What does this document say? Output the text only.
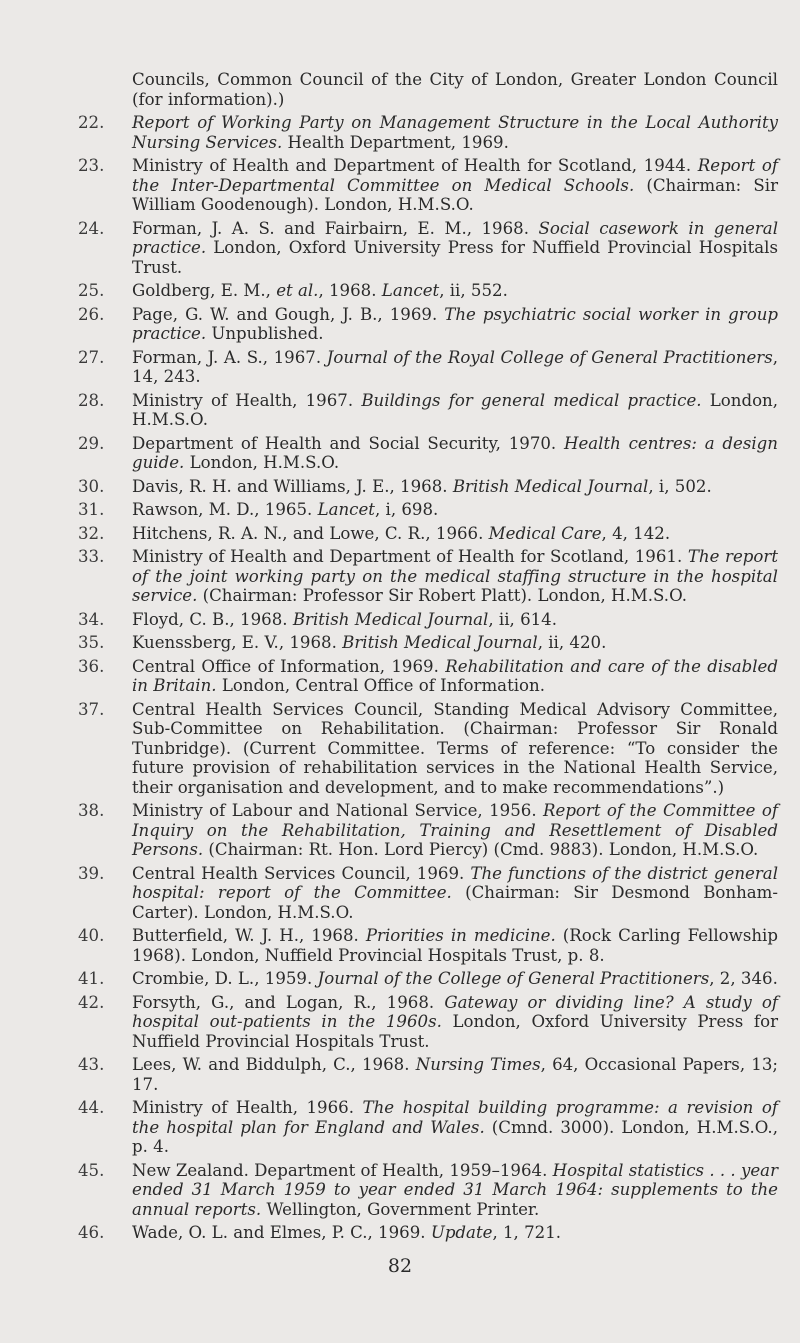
Councils, Common Council of the City of London, Greater London Council (for information).)
22.	Report of Working Party on Management Structure in the Local Authority Nursing Services. Health Department, 1969.
23.	Ministry of Health and Department of Health for Scotland, 1944. Report of the Inter-Departmental Committee on Medical Schools. (Chairman: Sir William Goodenough). London, H.M.S.O.
24.	Forman, J. A. S. and Fairbairn, E. M., 1968. Social casework in general practice. London, Oxford University Press for Nuffield Provincial Hospitals Trust.
25.	Goldberg, E. M., et al., 1968. Lancet, ii, 552.
26.	Page, G. W. and Gough, J. B., 1969. The psychiatric social worker in group practice. Unpublished.
27.	Forman, J. A. S., 1967. Journal of the Royal College of General Practitioners, 14, 243.
28.	Ministry of Health, 1967. Buildings for general medical practice. London, H.M.S.O.
29.	Department of Health and Social Security, 1970. Health centres: a design guide. London, H.M.S.O.
30.	Davis, R. H. and Williams, J. E., 1968. British Medical Journal, i, 502.
31.	Rawson, M. D., 1965. Lancet, i, 698.
32.	Hitchens, R. A. N., and Lowe, C. R., 1966. Medical Care, 4, 142.
33.	Ministry of Health and Department of Health for Scotland, 1961. The report of the joint working party on the medical staffing structure in the hospital service. (Chairman: Professor Sir Robert Platt). London, H.M.S.O.
34.	Floyd, C. B., 1968. British Medical Journal, ii, 614.
35.	Kuenssberg, E. V., 1968. British Medical Journal, ii, 420.
36.	Central Office of Information, 1969. Rehabilitation and care of the disabled in Britain. London, Central Office of Information.
37.	Central Health Services Council, Standing Medical Advisory Committee, Sub-Committee on Rehabilitation. (Chairman: Professor Sir Ronald Tunbridge). (Current Committee. Terms of reference: “To consider the future provision of rehabilitation services in the National Health Service, their organisation and development, and to make recommendations”.)
38.	Ministry of Labour and National Service, 1956. Report of the Committee of Inquiry on the Rehabilitation, Training and Resettlement of Disabled Persons. (Chairman: Rt. Hon. Lord Piercy) (Cmd. 9883). London, H.M.S.O.
39.	Central Health Services Council, 1969. The functions of the district general hospital: report of the Committee. (Chairman: Sir Desmond Bonham-Carter). London, H.M.S.O.
40.	Butterfield, W. J. H., 1968. Priorities in medicine. (Rock Carling Fellowship 1968). London, Nuffield Provincial Hospitals Trust, p. 8.
41.	Crombie, D. L., 1959. Journal of the College of General Practitioners, 2, 346.
42.	Forsyth, G., and Logan, R., 1968. Gateway or dividing line? A study of hospital out-patients in the 1960s. London, Oxford University Press for Nuffield Provincial Hospitals Trust.
43.	Lees, W. and Biddulph, C., 1968. Nursing Times, 64, Occasional Papers, 13; 17.
44.	Ministry of Health, 1966. The hospital building programme: a revision of the hospital plan for England and Wales. (Cmnd. 3000). London, H.M.S.O., p. 4.
45.	New Zealand. Department of Health, 1959–1964. Hospital statistics . . . year ended 31 March 1959 to year ended 31 March 1964: supplements to the annual reports. Wellington, Government Printer.
46.	Wade, O. L. and Elmes, P. C., 1969. Update, 1, 721.
82
